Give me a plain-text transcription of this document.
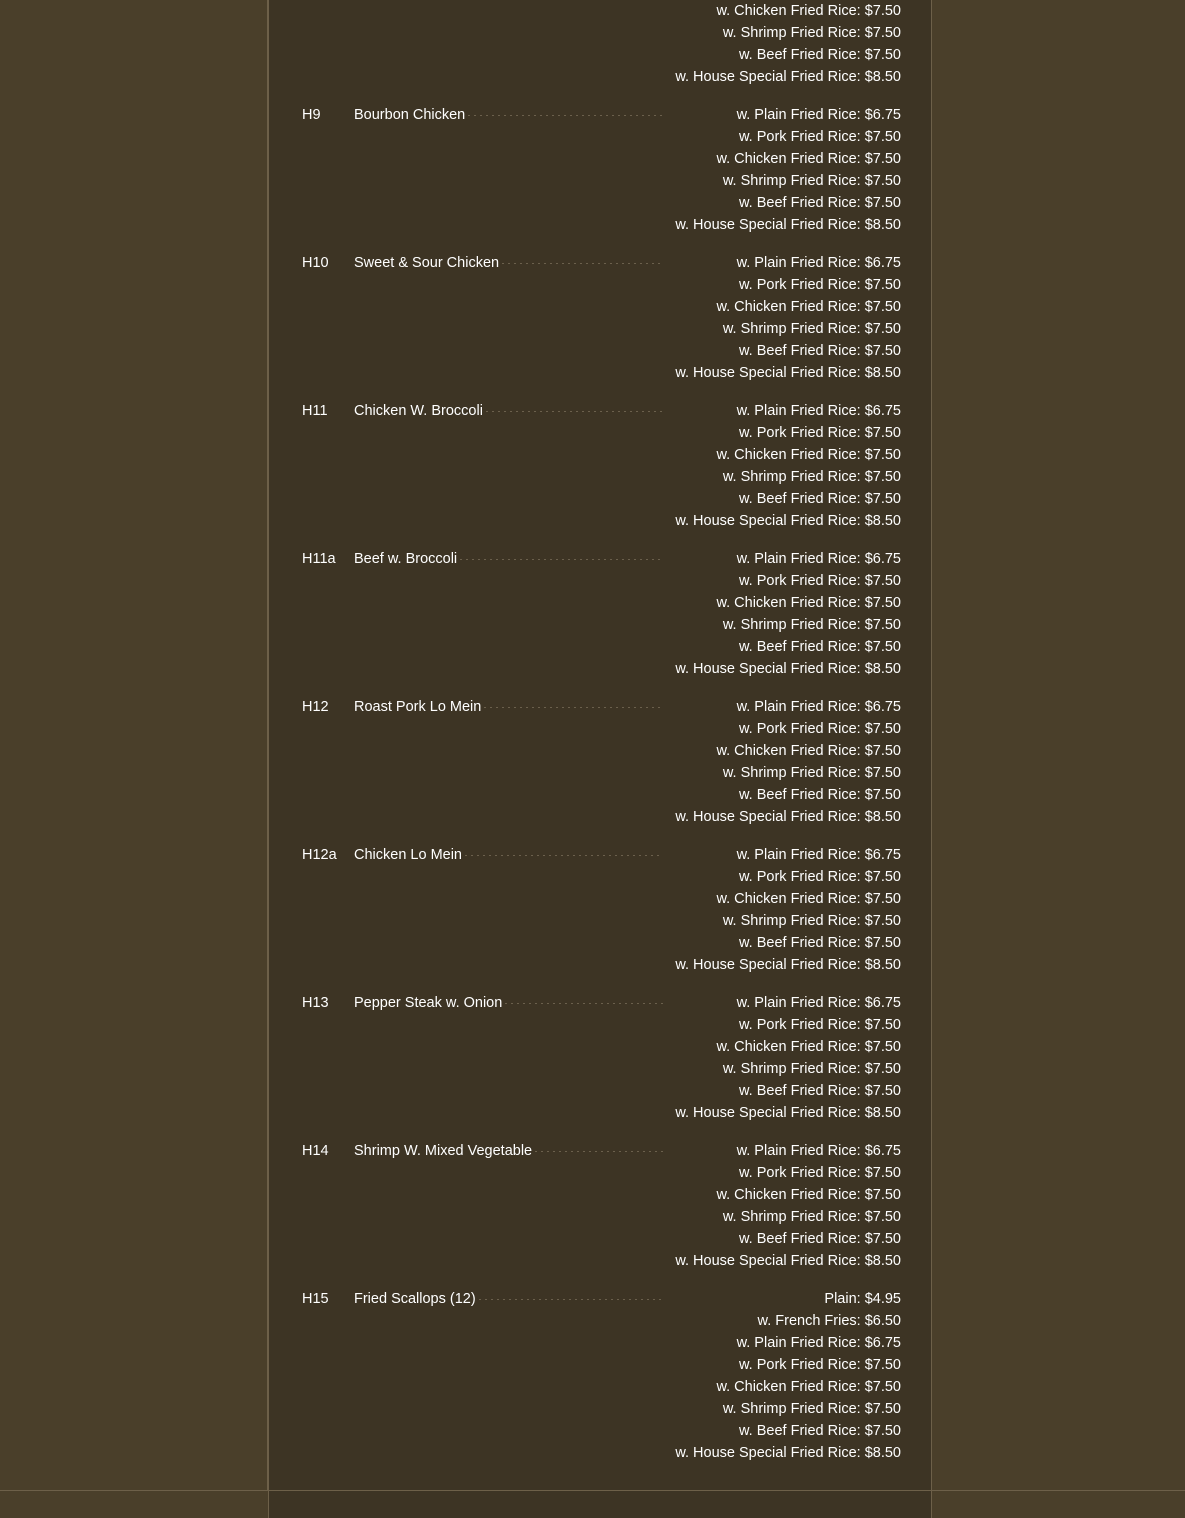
w. Chicken Fried Rice: $7.50
w. Shrimp Fried Rice: $7.50
w. Beef Fried Rice: $7.50
w. House Special Fried Rice: $8.50
H9	Bourbon Chicken	w. Plain Fried Rice: $6.75
w. Pork Fried Rice: $7.50
w. Chicken Fried Rice: $7.50
w. Shrimp Fried Rice: $7.50
w. Beef Fried Rice: $7.50
w. House Special Fried Rice: $8.50
H10	Sweet & Sour Chicken	w. Plain Fried Rice: $6.75
w. Pork Fried Rice: $7.50
w. Chicken Fried Rice: $7.50
w. Shrimp Fried Rice: $7.50
w. Beef Fried Rice: $7.50
w. House Special Fried Rice: $8.50
H11	Chicken W. Broccoli	w. Plain Fried Rice: $6.75
w. Pork Fried Rice: $7.50
w. Chicken Fried Rice: $7.50
w. Shrimp Fried Rice: $7.50
w. Beef Fried Rice: $7.50
w. House Special Fried Rice: $8.50
H11a	Beef w. Broccoli	w. Plain Fried Rice: $6.75
w. Pork Fried Rice: $7.50
w. Chicken Fried Rice: $7.50
w. Shrimp Fried Rice: $7.50
w. Beef Fried Rice: $7.50
w. House Special Fried Rice: $8.50
H12	Roast Pork Lo Mein	w. Plain Fried Rice: $6.75
w. Pork Fried Rice: $7.50
w. Chicken Fried Rice: $7.50
w. Shrimp Fried Rice: $7.50
w. Beef Fried Rice: $7.50
w. House Special Fried Rice: $8.50
H12a	Chicken Lo Mein	w. Plain Fried Rice: $6.75
w. Pork Fried Rice: $7.50
w. Chicken Fried Rice: $7.50
w. Shrimp Fried Rice: $7.50
w. Beef Fried Rice: $7.50
w. House Special Fried Rice: $8.50
H13	Pepper Steak w. Onion	w. Plain Fried Rice: $6.75
w. Pork Fried Rice: $7.50
w. Chicken Fried Rice: $7.50
w. Shrimp Fried Rice: $7.50
w. Beef Fried Rice: $7.50
w. House Special Fried Rice: $8.50
H14	Shrimp W. Mixed Vegetable	w. Plain Fried Rice: $6.75
w. Pork Fried Rice: $7.50
w. Chicken Fried Rice: $7.50
w. Shrimp Fried Rice: $7.50
w. Beef Fried Rice: $7.50
w. House Special Fried Rice: $8.50
H15	Fried Scallops (12)	Plain: $4.95
w. French Fries: $6.50
w. Plain Fried Rice: $6.75
w. Pork Fried Rice: $7.50
w. Chicken Fried Rice: $7.50
w. Shrimp Fried Rice: $7.50
w. Beef Fried Rice: $7.50
w. House Special Fried Rice: $8.50
